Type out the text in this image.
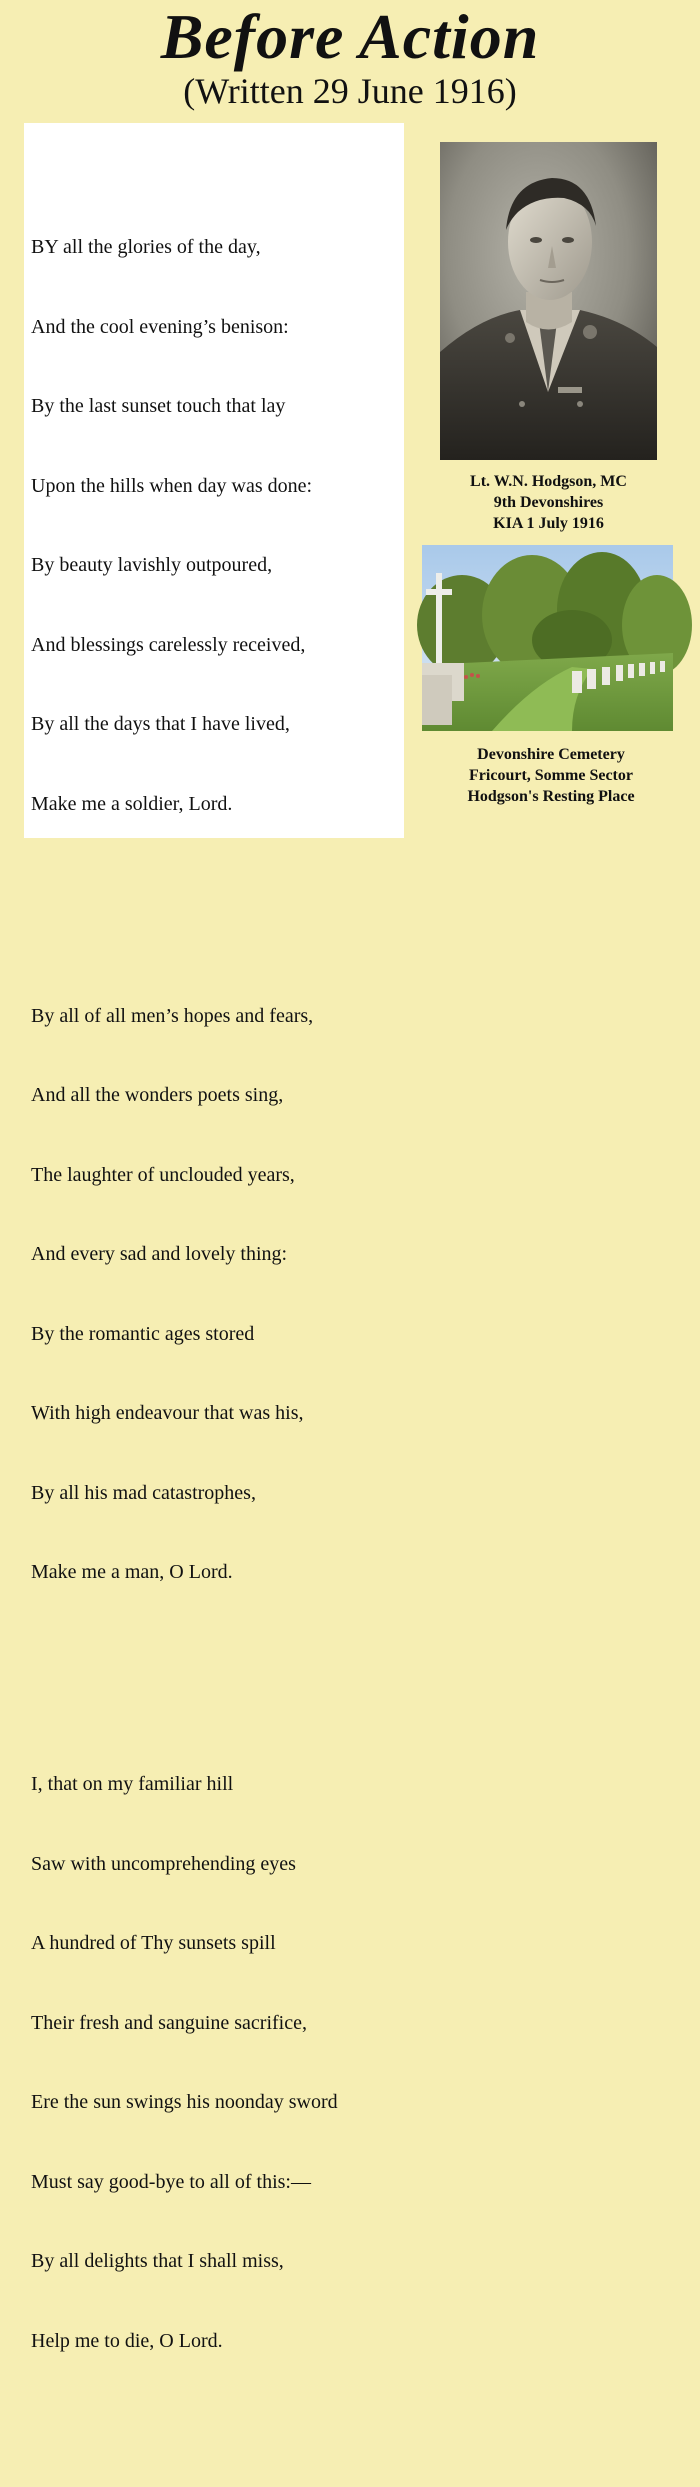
Before Action
(Written 29 June 1916)

BY all the glories of the day,

And the cool evening’s benison:

By the last sunset touch that lay

Upon the hills when day was done:

By beauty lavishly outpoured,

And blessings carelessly received,

By all the days that I have lived,

Make me a soldier, Lord.

By all of all men’s hopes and fears,

And all the wonders poets sing,

The laughter of unclouded years,

And every sad and lovely thing:

By the romantic ages stored

With high endeavour that was his,

By all his mad catastrophes,

Make me a man, O Lord.

I, that on my familiar hill

Saw with uncomprehending eyes

A hundred of Thy sunsets spill

Their fresh and sanguine sacrifice,

Ere the sun swings his noonday sword

Must say good-bye to all of this:—

By all delights that I shall miss,

Help me to die, O Lord.

Lt. W.N. Hodgson, MC
9th Devonshires
KIA 1 July 1916
Devonshire Cemetery
Fricourt, Somme Sector
Hodgson's Resting Place
